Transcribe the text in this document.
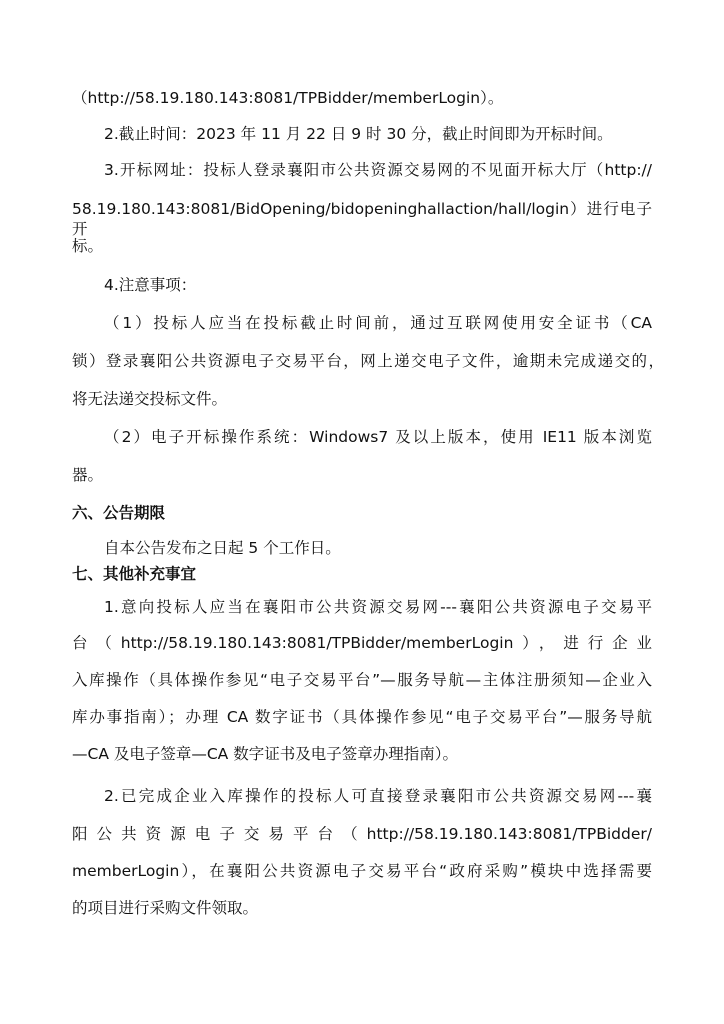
（http://58.19.180.143:8081/TPBidder/memberLogin）。
2.截止时间：2023 年 11 月 22 日 9 时 30 分，截止时间即为开标时间。
3.开标网址：投标人登录襄阳市公共资源交易网的不见面开标大厅（http://
58.19.180.143:8081/BidOpening/bidopeninghallaction/hall/login）进行电子开
标。
4.注意事项：
（1）投标人应当在投标截止时间前，通过互联网使用安全证书（CA
锁）登录襄阳公共资源电子交易平台，网上递交电子文件，逾期未完成递交的，
将无法递交投标文件。
（2）电子开标操作系统：Windows7 及以上版本，使用 IE11 版本浏览
器。
六、公告期限
自本公告发布之日起 5 个工作日。
七、其他补充事宜
1.意向投标人应当在襄阳市公共资源交易网---襄阳公共资源电子交易平
台（http://58.19.180.143:8081/TPBidder/memberLogin），进行企业
入库操作（具体操作参见“电子交易平台”—服务导航—主体注册须知—企业入
库办事指南）；办理 CA 数字证书（具体操作参见“电子交易平台”—服务导航
—CA 及电子签章—CA 数字证书及电子签章办理指南）。
2.已完成企业入库操作的投标人可直接登录襄阳市公共资源交易网---襄
阳 公 共 资 源 电 子 交 易 平 台 （ http://58.19.180.143:8081/TPBidder/
memberLogin），在襄阳公共资源电子交易平台“政府采购”模块中选择需要
的项目进行采购文件领取。
